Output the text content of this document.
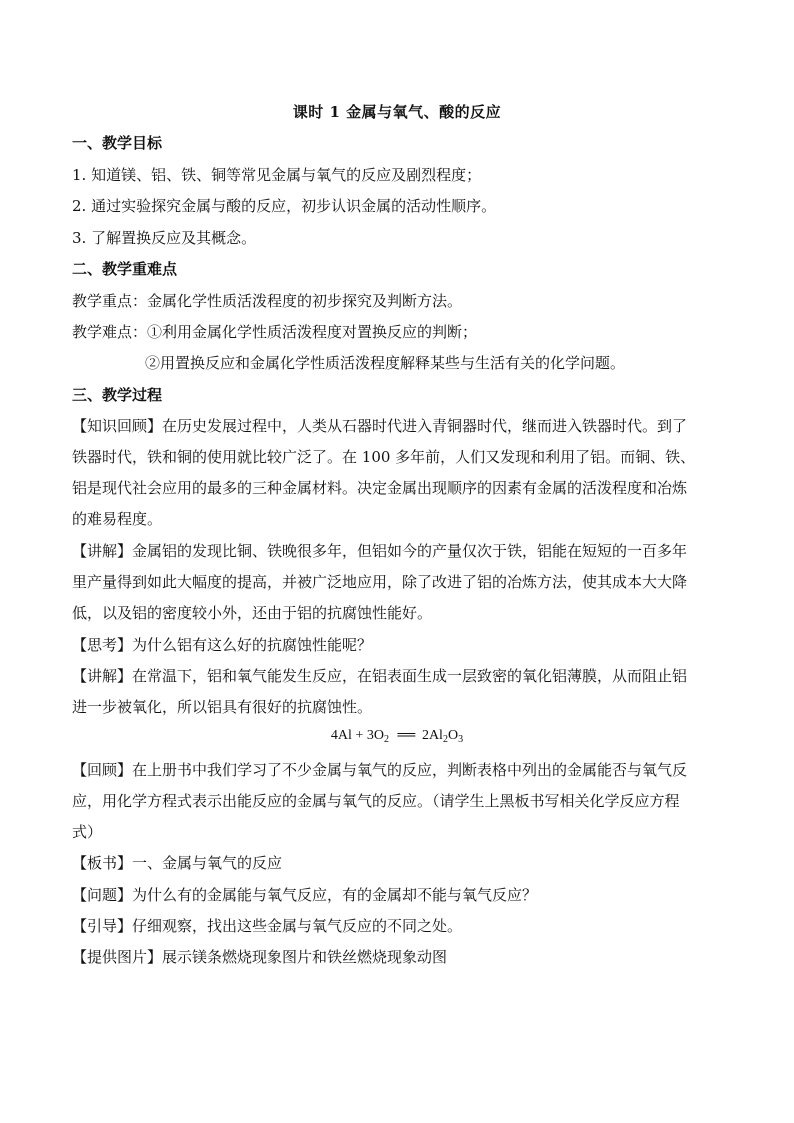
课时 1 金属与氧气、酸的反应
一、教学目标
1. 知道镁、铝、铁、铜等常见金属与氧气的反应及剧烈程度；
2. 通过实验探究金属与酸的反应，初步认识金属的活动性顺序。
3. 了解置换反应及其概念。
二、教学重难点
教学重点：金属化学性质活泼程度的初步探究及判断方法。
教学难点：①利用金属化学性质活泼程度对置换反应的判断；
②用置换反应和金属化学性质活泼程度解释某些与生活有关的化学问题。
三、教学过程
【知识回顾】在历史发展过程中，人类从石器时代进入青铜器时代，继而进入铁器时代。到了
铁器时代，铁和铜的使用就比较广泛了。在 100 多年前，人们又发现和利用了铝。而铜、铁、
铝是现代社会应用的最多的三种金属材料。决定金属出现顺序的因素有金属的活泼程度和冶炼
的难易程度。
【讲解】金属铝的发现比铜、铁晚很多年，但铝如今的产量仅次于铁，铝能在短短的一百多年
里产量得到如此大幅度的提高，并被广泛地应用，除了改进了铝的冶炼方法，使其成本大大降
低，以及铝的密度较小外，还由于铝的抗腐蚀性能好。
【思考】为什么铝有这么好的抗腐蚀性能呢？
【讲解】在常温下，铝和氧气能发生反应，在铝表面生成一层致密的氧化铝薄膜，从而阻止铝
进一步被氧化，所以铝具有很好的抗腐蚀性。
$4Al + 3O_2$ ══ $2Al_2O_3$
【回顾】在上册书中我们学习了不少金属与氧气的反应，判断表格中列出的金属能否与氧气反
应，用化学方程式表示出能反应的金属与氧气的反应。（请学生上黑板书写相关化学反应方程
式）
【板书】一、金属与氧气的反应
【问题】为什么有的金属能与氧气反应，有的金属却不能与氧气反应？
【引导】仔细观察，找出这些金属与氧气反应的不同之处。
【提供图片】展示镁条燃烧现象图片和铁丝燃烧现象动图
